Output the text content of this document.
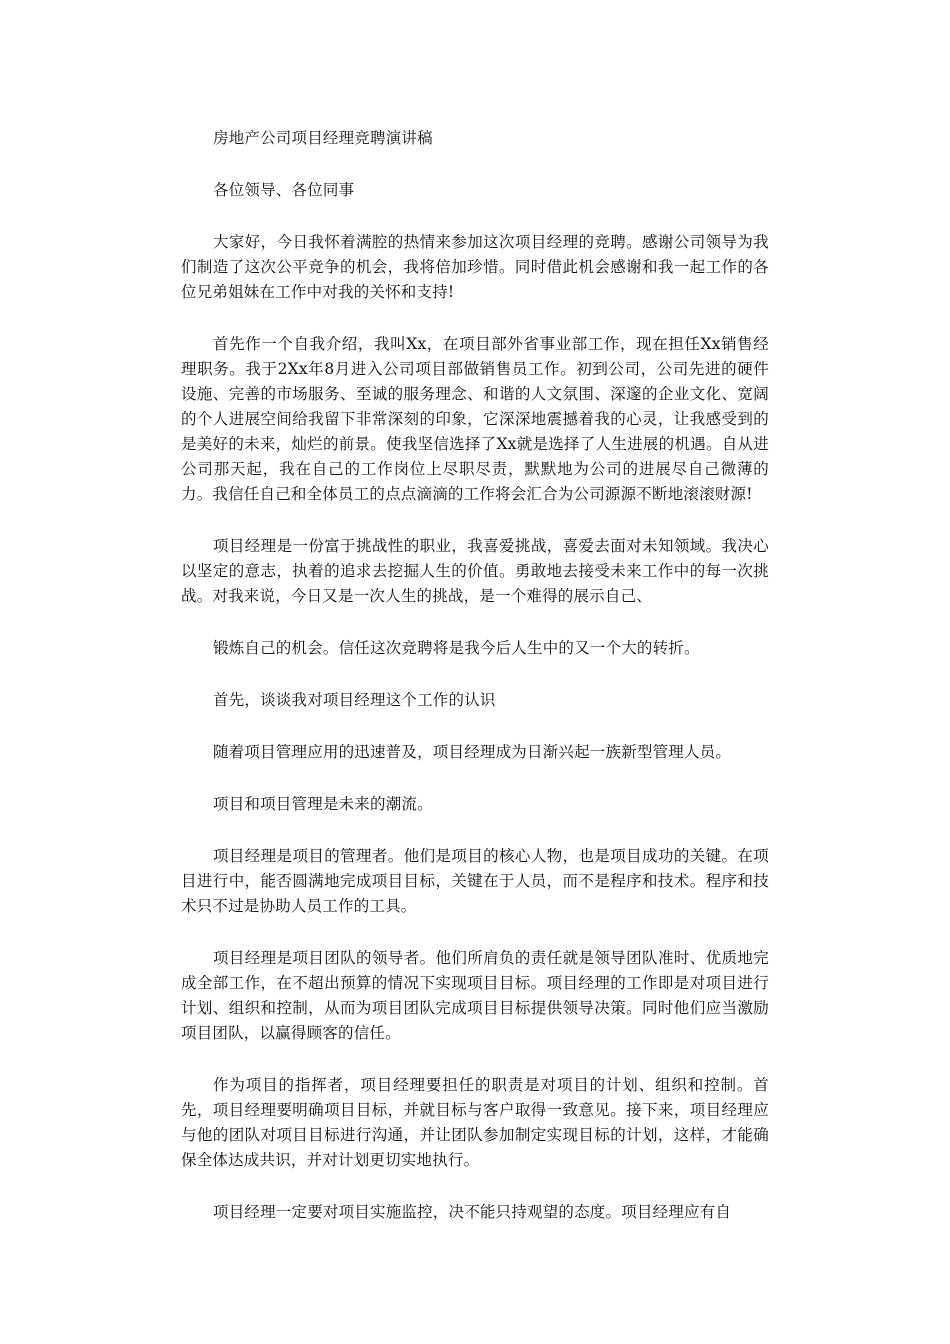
房地产公司项目经理竞聘演讲稿

各位领导、各位同事

大家好，今日我怀着满腔的热情来参加这次项目经理的竞聘。感谢公司领导为我们制造了这次公平竞争的机会，我将倍加珍惜。同时借此机会感谢和我一起工作的各位兄弟姐妹在工作中对我的关怀和支持!

首先作一个自我介绍，我叫Xx，在项目部外省事业部工作，现在担任Xx销售经理职务。我于2Xx年8月进入公司项目部做销售员工作。初到公司，公司先进的硬件设施、完善的市场服务、至诚的服务理念、和谐的人文氛围、深邃的企业文化、宽阔的个人进展空间给我留下非常深刻的印象，它深深地震撼着我的心灵，让我感受到的是美好的未来，灿烂的前景。使我坚信选择了Xx就是选择了人生进展的机遇。自从进公司那天起，我在自己的工作岗位上尽职尽责，默默地为公司的进展尽自己微薄的力。我信任自己和全体员工的点点滴滴的工作将会汇合为公司源源不断地滚滚财源!

项目经理是一份富于挑战性的职业，我喜爱挑战，喜爱去面对未知领域。我决心以坚定的意志，执着的追求去挖掘人生的价值。勇敢地去接受未来工作中的每一次挑战。对我来说，今日又是一次人生的挑战，是一个难得的展示自己、

锻炼自己的机会。信任这次竞聘将是我今后人生中的又一个大的转折。

首先，谈谈我对项目经理这个工作的认识

随着项目管理应用的迅速普及，项目经理成为日渐兴起一族新型管理人员。

项目和项目管理是未来的潮流。

项目经理是项目的管理者。他们是项目的核心人物，也是项目成功的关键。在项目进行中，能否圆满地完成项目目标，关键在于人员，而不是程序和技术。程序和技术只不过是协助人员工作的工具。

项目经理是项目团队的领导者。他们所肩负的责任就是领导团队准时、优质地完成全部工作，在不超出预算的情况下实现项目目标。项目经理的工作即是对项目进行计划、组织和控制，从而为项目团队完成项目目标提供领导决策。同时他们应当激励项目团队，以赢得顾客的信任。

作为项目的指挥者，项目经理要担任的职责是对项目的计划、组织和控制。首先，项目经理要明确项目目标，并就目标与客户取得一致意见。接下来，项目经理应与他的团队对项目目标进行沟通，并让团队参加制定实现目标的计划，这样，才能确保全体达成共识，并对计划更切实地执行。

项目经理一定要对项目实施监控，决不能只持观望的态度。项目经理应有自
